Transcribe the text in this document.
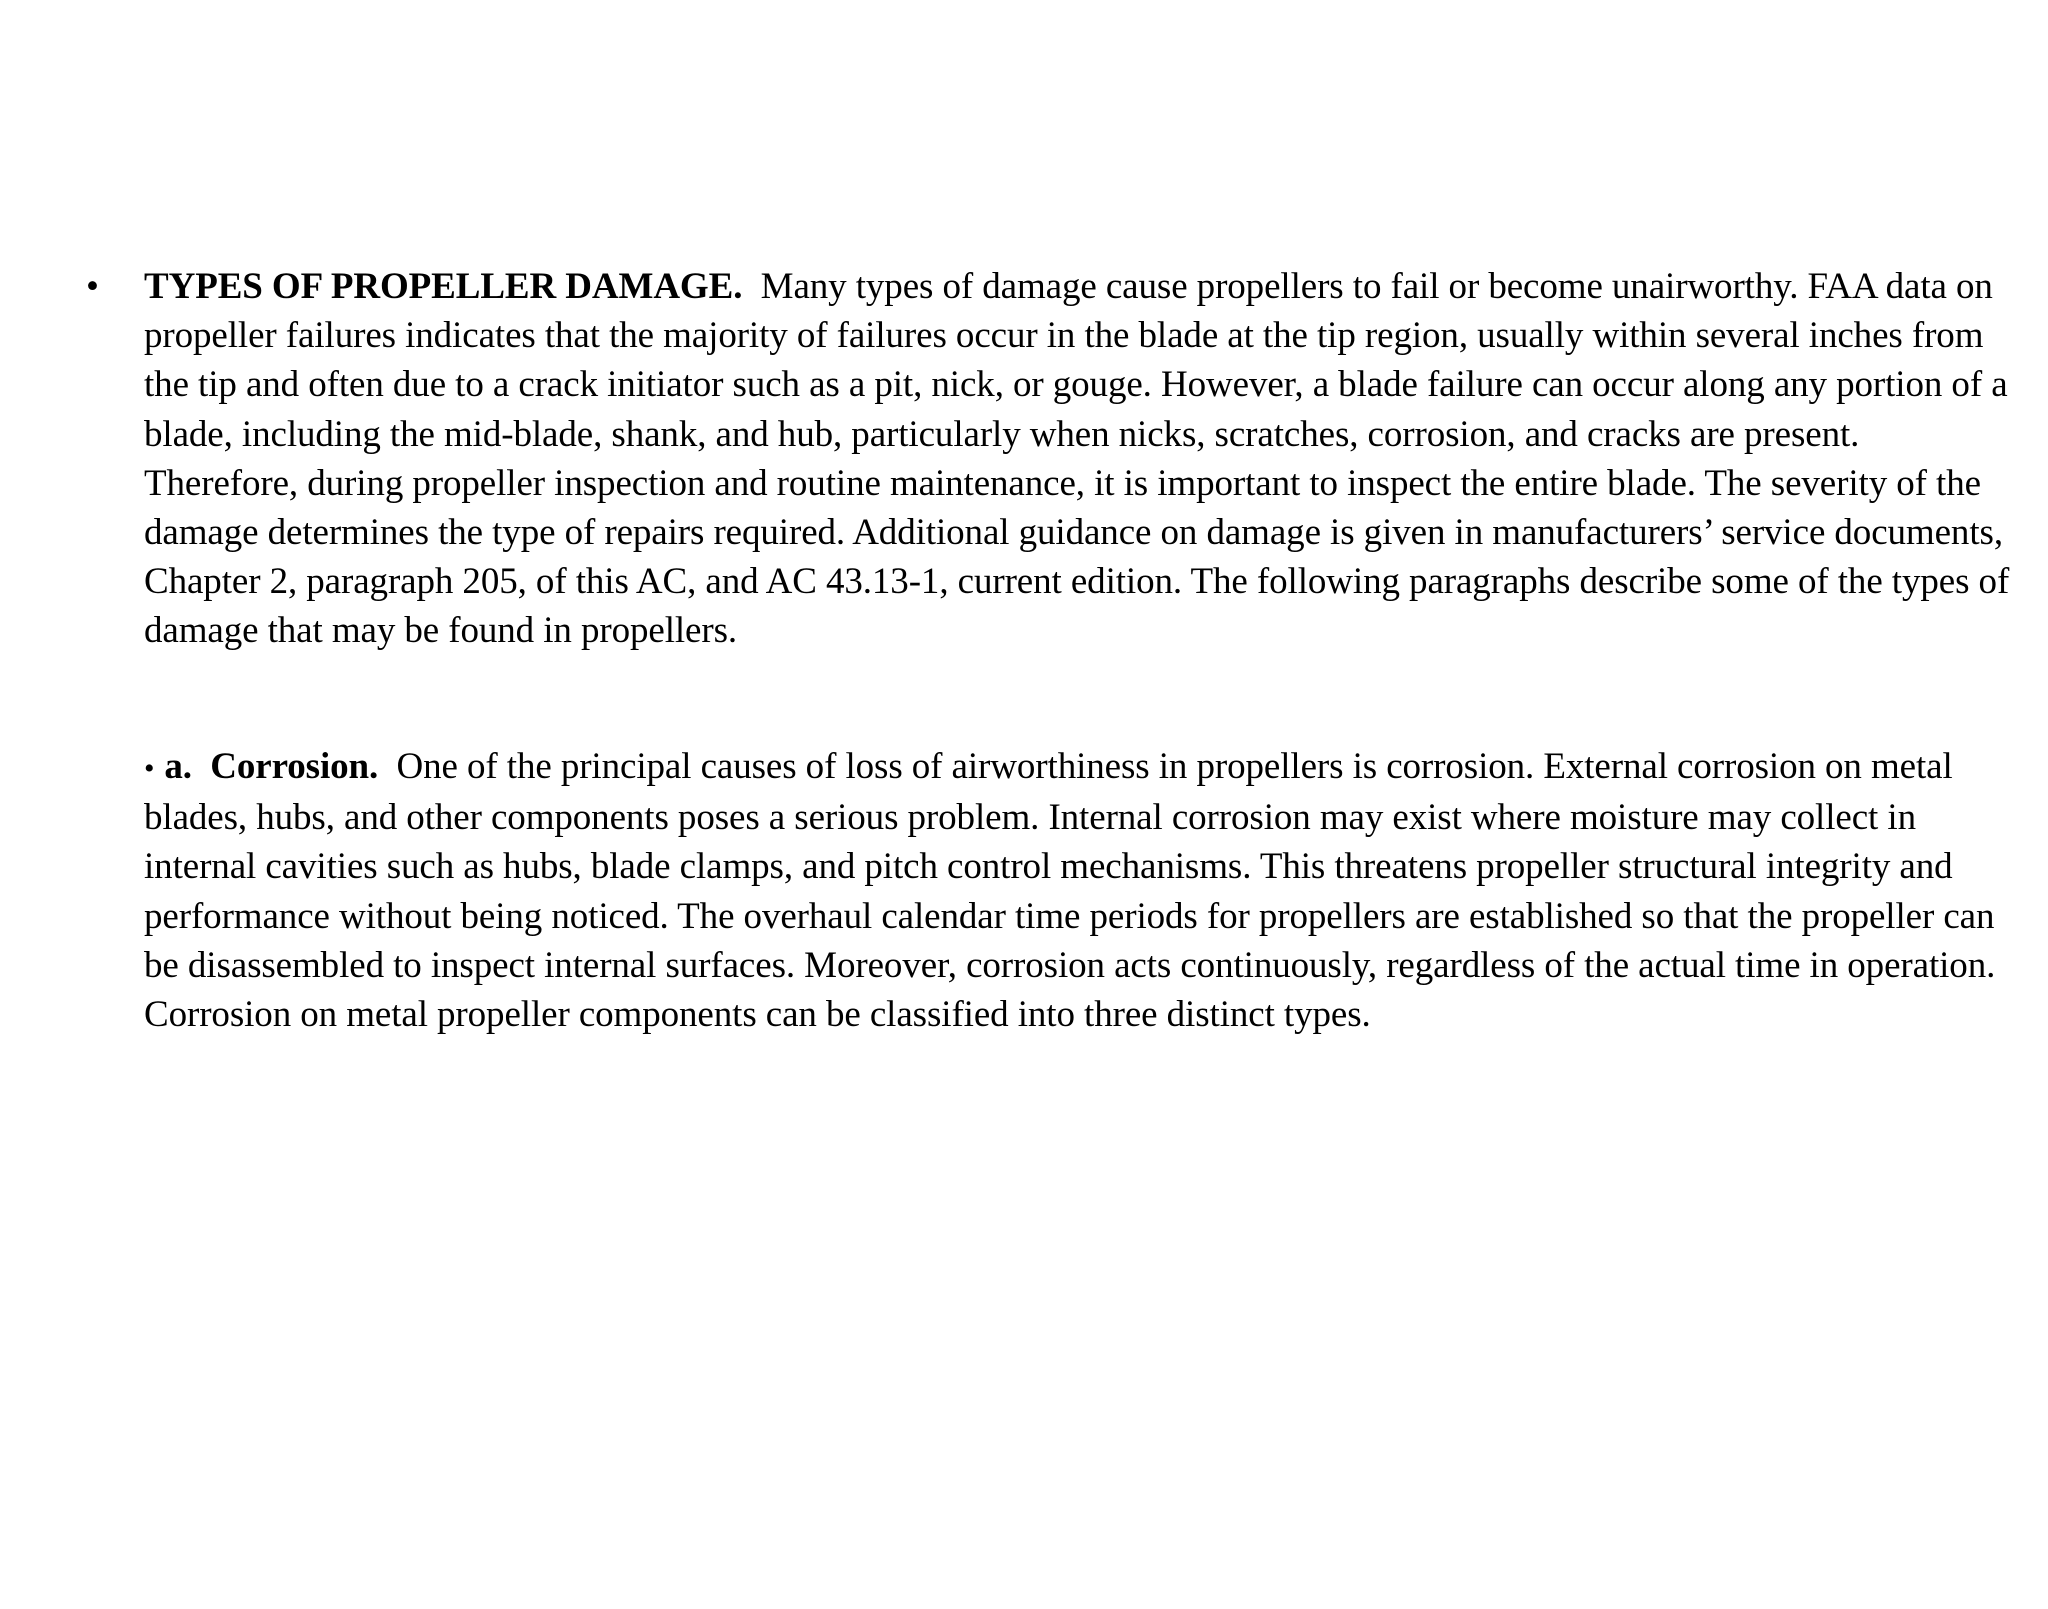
• TYPES OF PROPELLER DAMAGE. Many types of damage cause propellers to fail or become unairworthy. FAA data on propeller failures indicates that the majority of failures occur in the blade at the tip region, usually within several inches from the tip and often due to a crack initiator such as a pit, nick, or gouge. However, a blade failure can occur along any portion of a blade, including the mid-blade, shank, and hub, particularly when nicks, scratches, corrosion, and cracks are present. Therefore, during propeller inspection and routine maintenance, it is important to inspect the entire blade. The severity of the damage determines the type of repairs required. Additional guidance on damage is given in manufacturers’ service documents, Chapter 2, paragraph 205, of this AC, and AC 43.13-1, current edition. The following paragraphs describe some of the types of damage that may be found in propellers.

• a. Corrosion. One of the principal causes of loss of airworthiness in propellers is corrosion. External corrosion on metal blades, hubs, and other components poses a serious problem. Internal corrosion may exist where moisture may collect in internal cavities such as hubs, blade clamps, and pitch control mechanisms. This threatens propeller structural integrity and performance without being noticed. The overhaul calendar time periods for propellers are established so that the propeller can be disassembled to inspect internal surfaces. Moreover, corrosion acts continuously, regardless of the actual time in operation. Corrosion on metal propeller components can be classified into three distinct types.
